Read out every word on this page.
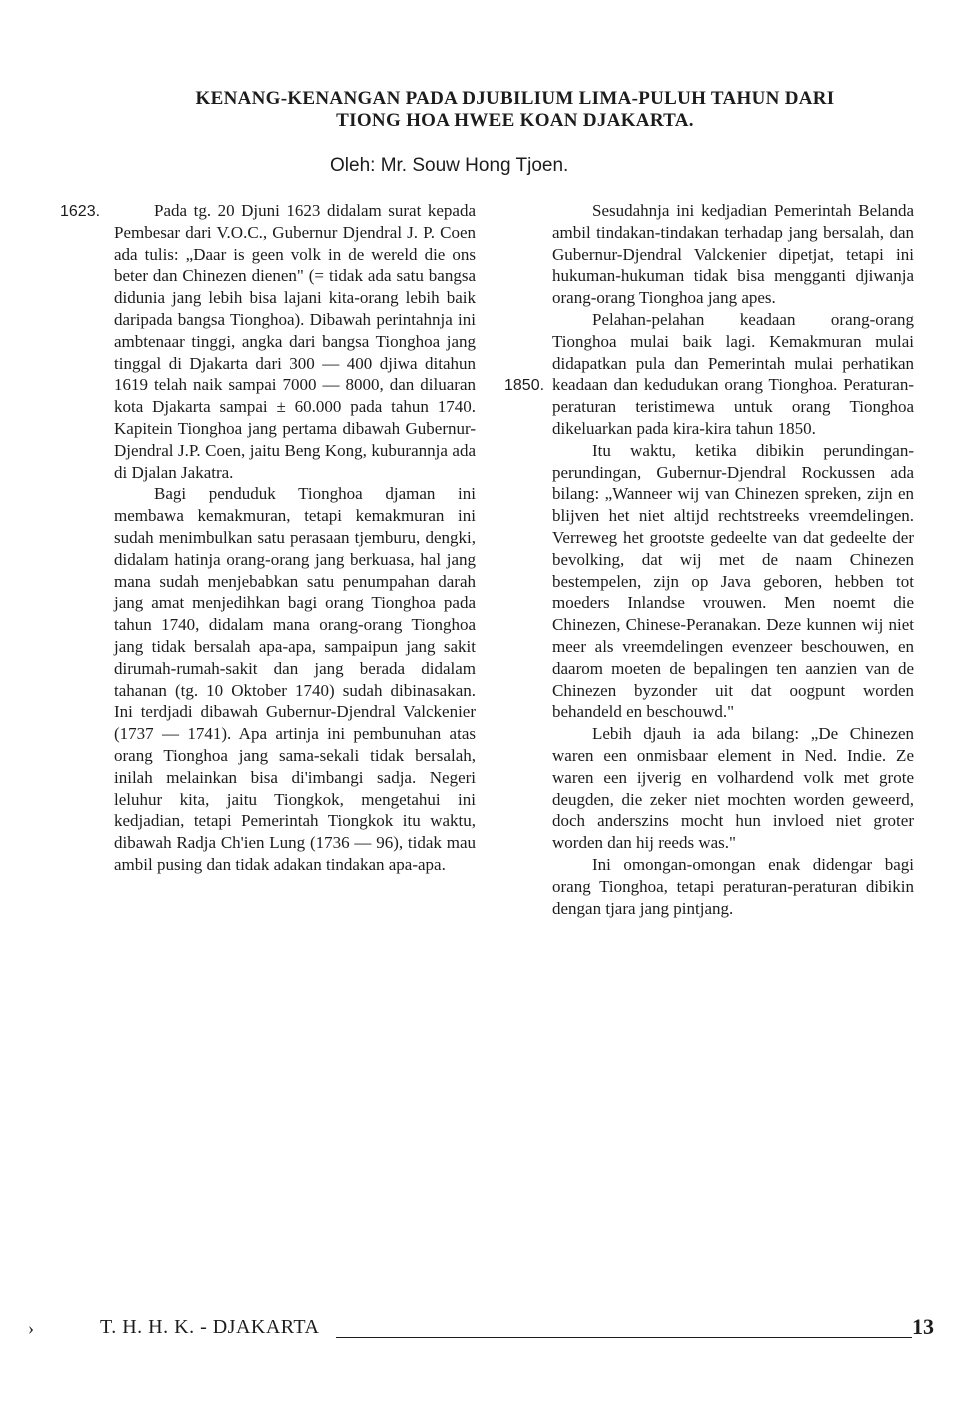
KENANG-KENANGAN PADA DJUBILIUM LIMA-PULUH TAHUN DARI
TIONG HOA HWEE KOAN DJAKARTA.
Oleh: Mr. Souw Hong Tjoen.
1623.
1850.

Pada tg. 20 Djuni 1623 didalam surat kepada Pembesar dari V.O.C., Gubernur Djendral J. P. Coen ada tulis: „Daar is geen volk in de wereld die ons beter dan Chinezen dienen" (= tidak ada satu bangsa didunia jang lebih bisa lajani kita-orang lebih baik daripada bangsa Tionghoa). Dibawah perintahnja ini ambtenaar tinggi, angka dari bangsa Tionghoa jang tinggal di Djakarta dari 300 — 400 djiwa ditahun 1619 telah naik sampai 7000 — 8000, dan diluaran kota Djakarta sampai ± 60.000 pada tahun 1740. Kapitein Tionghoa jang pertama dibawah Gubernur-Djendral J.P. Coen, jaitu Beng Kong, kuburannja ada di Djalan Jakatra.

Bagi penduduk Tionghoa djaman ini membawa kemakmuran, tetapi kemakmuran ini sudah menimbulkan satu perasaan tjemburu, dengki, didalam hatinja orang-orang jang berkuasa, hal jang mana sudah menjebabkan satu penumpahan darah jang amat menjedihkan bagi orang Tionghoa pada tahun 1740, didalam mana orang-orang Tionghoa jang tidak bersalah apa-apa, sampaipun jang sakit dirumah-rumah-sakit dan jang berada didalam tahanan (tg. 10 Oktober 1740) sudah dibinasakan. Ini terdjadi dibawah Gubernur-Djendral Valckenier (1737 — 1741). Apa artinja ini pembunuhan atas orang Tionghoa jang sama-sekali tidak bersalah, inilah melainkan bisa di'imbangi sadja. Negeri leluhur kita, jaitu Tiongkok, mengetahui ini kedjadian, tetapi Pemerintah Tiongkok itu waktu, dibawah Radja Ch'ien Lung (1736 — 96), tidak mau ambil pusing dan tidak adakan tindakan apa-apa.

Sesudahnja ini kedjadian Pemerintah Belanda ambil tindakan-tindakan terhadap jang bersalah, dan Gubernur-Djendral Valckenier dipetjat, tetapi ini hukuman-hukuman tidak bisa mengganti djiwanja orang-orang Tionghoa jang apes.

Pelahan-pelahan keadaan orang-orang Tionghoa mulai baik lagi. Kemakmuran mulai didapatkan pula dan Pemerintah mulai perhatikan keadaan dan kedudukan orang Tionghoa. Peraturan-peraturan teristimewa untuk orang Tionghoa dikeluarkan pada kira-kira tahun 1850.

Itu waktu, ketika dibikin perundingan-perundingan, Gubernur-Djendral Rockussen ada bilang: „Wanneer wij van Chinezen spreken, zijn en blijven het niet altijd rechtstreeks vreemdelingen. Verreweg het grootste gedeelte van dat gedeelte der bevolking, dat wij met de naam Chinezen bestempelen, zijn op Java geboren, hebben tot moeders Inlandse vrouwen. Men noemt die Chinezen, Chinese-Peranakan. Deze kunnen wij niet meer als vreemdelingen evenzeer beschouwen, en daarom moeten de bepalingen ten aanzien van de Chinezen byzonder uit dat oogpunt worden behandeld en beschouwd."

Lebih djauh ia ada bilang: „De Chinezen waren een onmisbaar element in Ned. Indie. Ze waren een ijverig en volhardend volk met grote deugden, die zeker niet mochten worden geweerd, doch anderszins mocht hun invloed niet groter worden dan hij reeds was."

Ini omongan-omongan enak didengar bagi orang Tionghoa, tetapi peraturan-peraturan dibikin dengan tjara jang pintjang.

›	T. H. H. K. - DJAKARTA	13
